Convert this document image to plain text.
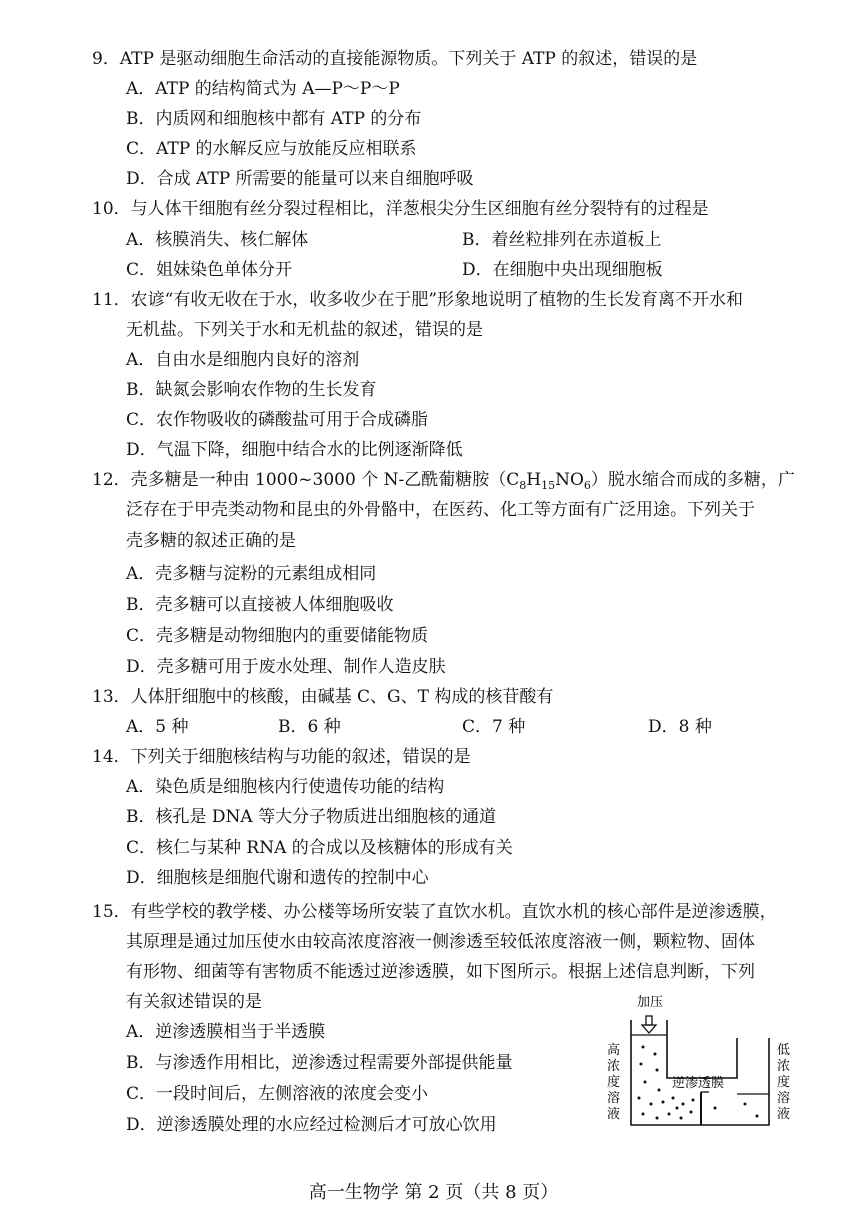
9．ATP 是驱动细胞生命活动的直接能源物质。下列关于 ATP 的叙述，错误的是
A．ATP 的结构简式为 A—P～P～P
B．内质网和细胞核中都有 ATP 的分布
C．ATP 的水解反应与放能反应相联系
D．合成 ATP 所需要的能量可以来自细胞呼吸
10．与人体干细胞有丝分裂过程相比，洋葱根尖分生区细胞有丝分裂特有的过程是
A．核膜消失、核仁解体	B．着丝粒排列在赤道板上
C．姐妹染色单体分开	D．在细胞中央出现细胞板
11．农谚“有收无收在于水，收多收少在于肥”形象地说明了植物的生长发育离不开水和
无机盐。下列关于水和无机盐的叙述，错误的是
A．自由水是细胞内良好的溶剂
B．缺氮会影响农作物的生长发育
C．农作物吸收的磷酸盐可用于合成磷脂
D．气温下降，细胞中结合水的比例逐渐降低
12．壳多糖是一种由 1000~3000 个 N-乙酰葡糖胺$(C_8H_{15}NO_6)$脱水缩合而成的多糖，广
泛存在于甲壳类动物和昆虫的外骨骼中，在医药、化工等方面有广泛用途。下列关于
壳多糖的叙述正确的是
A．壳多糖与淀粉的元素组成相同
B．壳多糖可以直接被人体细胞吸收
C．壳多糖是动物细胞内的重要储能物质
D．壳多糖可用于废水处理、制作人造皮肤
13．人体肝细胞中的核酸，由碱基 C、G、T 构成的核苷酸有
A．5 种	B．6 种	C．7 种	D．8 种
14．下列关于细胞核结构与功能的叙述，错误的是
A．染色质是细胞核内行使遗传功能的结构
B．核孔是 DNA 等大分子物质进出细胞核的通道
C．核仁与某种 RNA 的合成以及核糖体的形成有关
D．细胞核是细胞代谢和遗传的控制中心
15．有些学校的教学楼、办公楼等场所安装了直饮水机。直饮水机的核心部件是逆渗透膜，
其原理是通过加压使水由较高浓度溶液一侧渗透至较低浓度溶液一侧，颗粒物、固体
有形物、细菌等有害物质不能透过逆渗透膜，如下图所示。根据上述信息判断，下列
有关叙述错误的是
A．逆渗透膜相当于半透膜
B．与渗透作用相比，逆渗透过程需要外部提供能量
C．一段时间后，左侧溶液的浓度会变小
D．逆渗透膜处理的水应经过检测后才可放心饮用
加压
逆渗透膜
高
浓
度
溶
液
低
浓
度
溶
液
高一生物学 第 2 页（共 8 页）
